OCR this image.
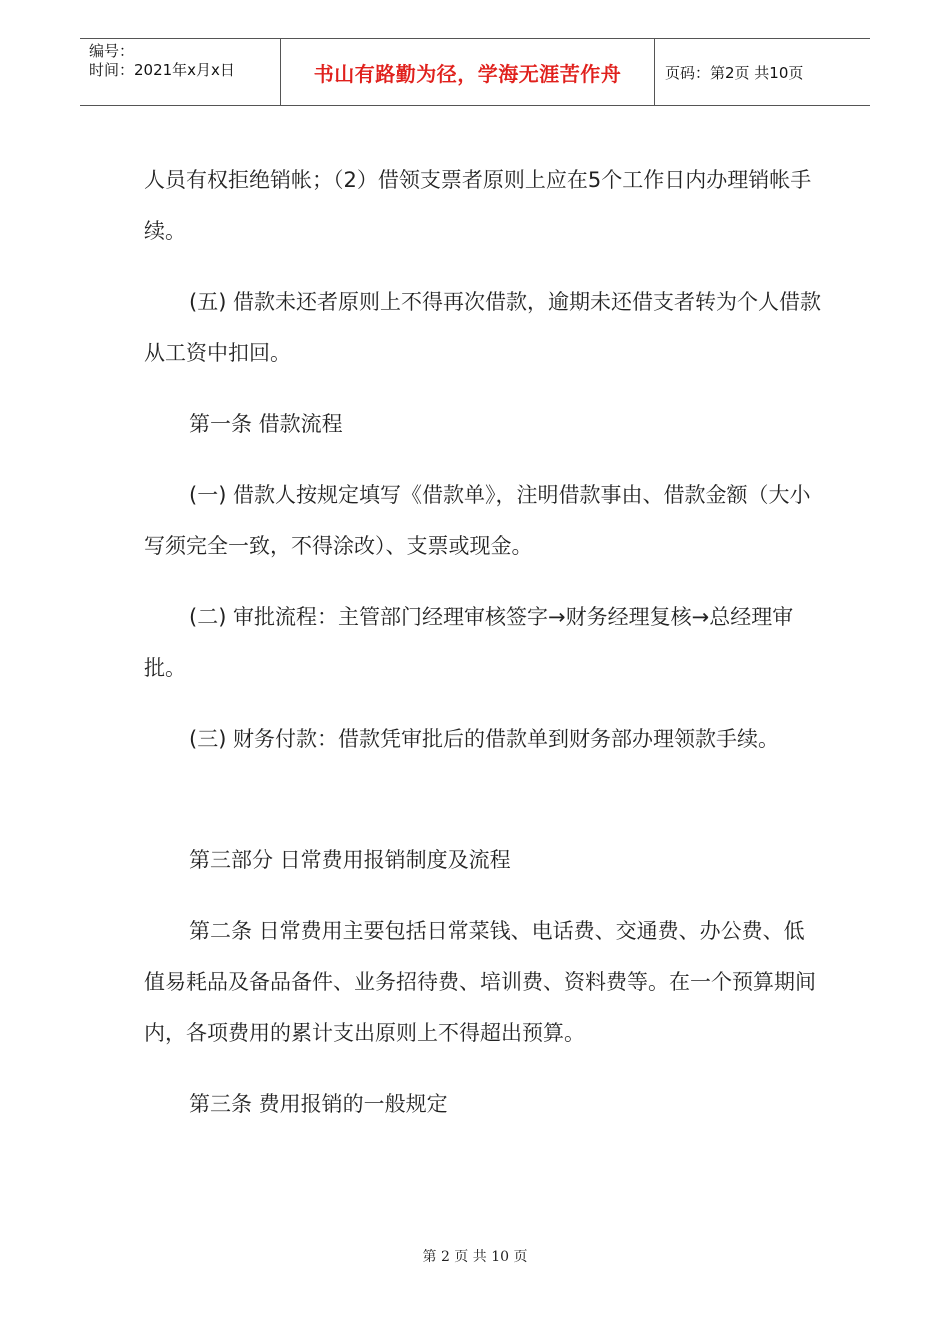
编号：
时间：2021年x月x日	书山有路勤为径，学海无涯苦作舟	页码：第2页 共10页

人员有权拒绝销帐；（2）借领支票者原则上应在5个工作日内办理销帐手续。

(五) 借款未还者原则上不得再次借款，逾期未还借支者转为个人借款从工资中扣回。

第一条 借款流程

(一) 借款人按规定填写《借款单》，注明借款事由、借款金额（大小写须完全一致，不得涂改）、支票或现金。

(二) 审批流程：主管部门经理审核签字→财务经理复核→总经理审批。

(三) 财务付款：借款凭审批后的借款单到财务部办理领款手续。

第三部分 日常费用报销制度及流程

第二条 日常费用主要包括日常菜钱、电话费、交通费、办公费、低值易耗品及备品备件、业务招待费、培训费、资料费等。在一个预算期间内，各项费用的累计支出原则上不得超出预算。

第三条 费用报销的一般规定

第 2 页 共 10 页
